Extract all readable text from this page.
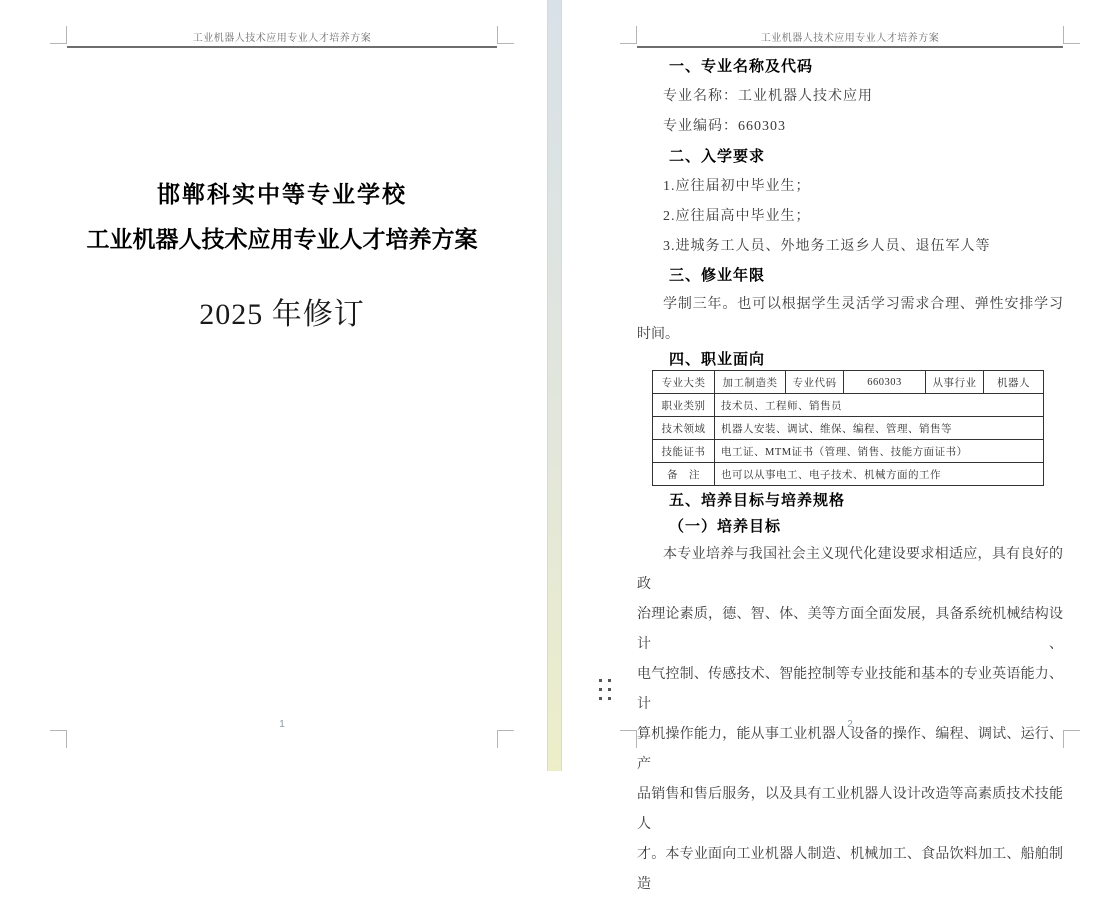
工业机器人技术应用专业人才培养方案
邯郸科实中等专业学校
工业机器人技术应用专业人才培养方案
2025 年修订
1
工业机器人技术应用专业人才培养方案
一、专业名称及代码
专业名称：工业机器人技术应用
专业编码：660303
二、入学要求
1.应往届初中毕业生；
2.应往届高中毕业生；
3.进城务工人员、外地务工返乡人员、退伍军人等
三、修业年限
学制三年。也可以根据学生灵活学习需求合理、弹性安排学习
时间。
四、职业面向
专业大类	加工制造类	专业代码	660303	从事行业	机器人
职业类别	技术员、工程师、销售员				
技术领域	机器人安装、调试、维保、编程、管理、销售等				
技能证书	电工证、MTM证书（管理、销售、技能方面证书）				
备　注	也可以从事电工、电子技术、机械方面的工作				
五、培养目标与培养规格
（一）培养目标
本专业培养与我国社会主义现代化建设要求相适应，具有良好的政
治理论素质，德、智、体、美等方面全面发展，具备系统机械结构设计、
电气控制、传感技术、智能控制等专业技能和基本的专业英语能力、计
算机操作能力，能从事工业机器人设备的操作、编程、调试、运行、产
品销售和售后服务，以及具有工业机器人设计改造等高素质技术技能人
才。本专业面向工业机器人制造、机械加工、食品饮料加工、船舶制造
2
